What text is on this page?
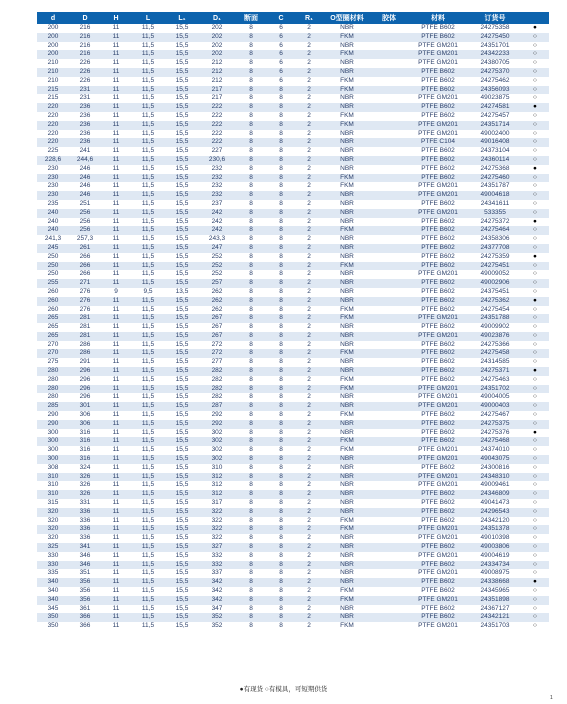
d	D	H	L	L₁	D₁	断面	C	R₁	O型圈材料	胶体	材料	订货号	
200	216	11	11,5	15,5	202	8	6	2	NBR		PTFE B602	24275358	●
200	216	11	11,5	15,5	202	8	6	2	FKM		PTFE B602	24275450	○
200	216	11	11,5	15,5	202	8	6	2	NBR		PTFE GM201	24351701	○
200	216	11	11,5	15,5	202	8	6	2	FKM		PTFE GM201	24342233	○
210	226	11	11,5	15,5	212	8	6	2	NBR		PTFE GM201	24380705	○
210	226	11	11,5	15,5	212	8	6	2	NBR		PTFE B602	24275370	○
210	226	11	11,5	15,5	212	8	6	2	FKM		PTFE B602	24275462	○
215	231	11	11,5	15,5	217	8	8	2	FKM		PTFE B602	24356093	○
215	231	11	11,5	15,5	217	8	8	2	NBR		PTFE GM201	49023875	○
220	236	11	11,5	15,5	222	8	8	2	NBR		PTFE B602	24274581	●
220	236	11	11,5	15,5	222	8	8	2	FKM		PTFE B602	24275457	○
220	236	11	11,5	15,5	222	8	8	2	FKM		PTFE GM201	24351714	○
220	236	11	11,5	15,5	222	8	8	2	NBR		PTFE GM201	49002400	○
220	236	11	11,5	15,5	222	8	8	2	NBR		PTFE C104	49016408	○
225	241	11	11,5	15,5	227	8	8	2	NBR		PTFE B602	24373104	○
228,6	244,6	11	11,5	15,5	230,6	8	8	2	NBR		PTFE B602	24360114	○
230	246	11	11,5	15,5	232	8	8	2	NBR		PTFE B602	24275368	●
230	246	11	11,5	15,5	232	8	8	2	FKM		PTFE B602	24275460	○
230	246	11	11,5	15,5	232	8	8	2	FKM		PTFE GM201	24351787	○
230	246	11	11,5	15,5	232	8	8	2	NBR		PTFE GM201	49004618	○
235	251	11	11,5	15,5	237	8	8	2	NBR		PTFE B602	24341611	○
240	256	11	11,5	15,5	242	8	8	2	NBR		PTFE GM201	533355	○
240	256	11	11,5	15,5	242	8	8	2	NBR		PTFE B602	24275372	●
240	256	11	11,5	15,5	242	8	8	2	FKM		PTFE B602	24275464	○
241,3	257,3	11	11,5	15,5	243,3	8	8	2	NBR		PTFE B602	24358306	○
245	261	11	11,5	15,5	247	8	8	2	NBR		PTFE B602	24377708	○
250	266	11	11,5	15,5	252	8	8	2	NBR		PTFE B602	24275359	●
250	266	11	11,5	15,5	252	8	8	2	FKM		PTFE B602	24275451	○
250	266	11	11,5	15,5	252	8	8	2	NBR		PTFE GM201	49009052	○
255	271	11	11,5	15,5	257	8	8	2	NBR		PTFE B602	49002906	○
260	276	9	9,5	13,5	262	8	8	2	NBR		PTFE B602	24375451	○
260	276	11	11,5	15,5	262	8	8	2	NBR		PTFE B602	24275362	●
260	276	11	11,5	15,5	262	8	8	2	FKM		PTFE B602	24275454	○
265	281	11	11,5	15,5	267	8	8	2	FKM		PTFE GM201	24351788	○
265	281	11	11,5	15,5	267	8	8	2	NBR		PTFE B602	49009902	○
265	281	11	11,5	15,5	267	8	8	2	NBR		PTFE GM201	49023876	○
270	286	11	11,5	15,5	272	8	8	2	NBR		PTFE B602	24275366	○
270	286	11	11,5	15,5	272	8	8	2	FKM		PTFE B602	24275458	○
275	291	11	11,5	15,5	277	8	8	2	NBR		PTFE B602	24314585	○
280	296	11	11,5	15,5	282	8	8	2	NBR		PTFE B602	24275371	●
280	296	11	11,5	15,5	282	8	8	2	FKM		PTFE B602	24275463	○
280	296	11	11,5	15,5	282	8	8	2	FKM		PTFE GM201	24351702	○
280	296	11	11,5	15,5	282	8	8	2	NBR		PTFE GM201	49004005	○
285	301	11	11,5	15,5	287	8	8	2	NBR		PTFE GM201	49000403	○
290	306	11	11,5	15,5	292	8	8	2	FKM		PTFE B602	24275467	○
290	306	11	11,5	15,5	292	8	8	2	NBR		PTFE B602	24275375	○
300	316	11	11,5	15,5	302	8	8	2	NBR		PTFE B602	24275376	●
300	316	11	11,5	15,5	302	8	8	2	FKM		PTFE B602	24275468	○
300	316	11	11,5	15,5	302	8	8	2	FKM		PTFE GM201	24374010	○
300	316	11	11,5	15,5	302	8	8	2	NBR		PTFE GM201	49043075	○
308	324	11	11,5	15,5	310	8	8	2	NBR		PTFE B602	24300816	○
310	326	11	11,5	15,5	312	8	8	2	NBR		PTFE GM201	24348310	○
310	326	11	11,5	15,5	312	8	8	2	NBR		PTFE GM201	49009461	○
310	326	11	11,5	15,5	312	8	8	2	NBR		PTFE B602	24346809	○
315	331	11	11,5	15,5	317	8	8	2	NBR		PTFE B602	49041473	○
320	336	11	11,5	15,5	322	8	8	2	NBR		PTFE B602	24296543	○
320	336	11	11,5	15,5	322	8	8	2	FKM		PTFE B602	24342120	○
320	336	11	11,5	15,5	322	8	8	2	FKM		PTFE GM201	24351378	○
320	336	11	11,5	15,5	322	8	8	2	NBR		PTFE GM201	49010398	○
325	341	11	11,5	15,5	327	8	8	2	NBR		PTFE B602	49003806	○
330	346	11	11,5	15,5	332	8	8	2	NBR		PTFE GM201	49004619	○
330	346	11	11,5	15,5	332	8	8	2	NBR		PTFE B602	24334734	○
335	351	11	11,5	15,5	337	8	8	2	NBR		PTFE GM201	49008975	○
340	356	11	11,5	15,5	342	8	8	2	NBR		PTFE B602	24338668	●
340	356	11	11,5	15,5	342	8	8	2	FKM		PTFE B602	24345965	○
340	356	11	11,5	15,5	342	8	8	2	FKM		PTFE GM201	24351898	○
345	361	11	11,5	15,5	347	8	8	2	NBR		PTFE B602	24367127	○
350	366	11	11,5	15,5	352	8	8	2	NBR		PTFE B602	24342121	○
350	366	11	11,5	15,5	352	8	8	2	FKM		PTFE GM201	24351703	○
●有现货 ○有模具，可短期供货
1
